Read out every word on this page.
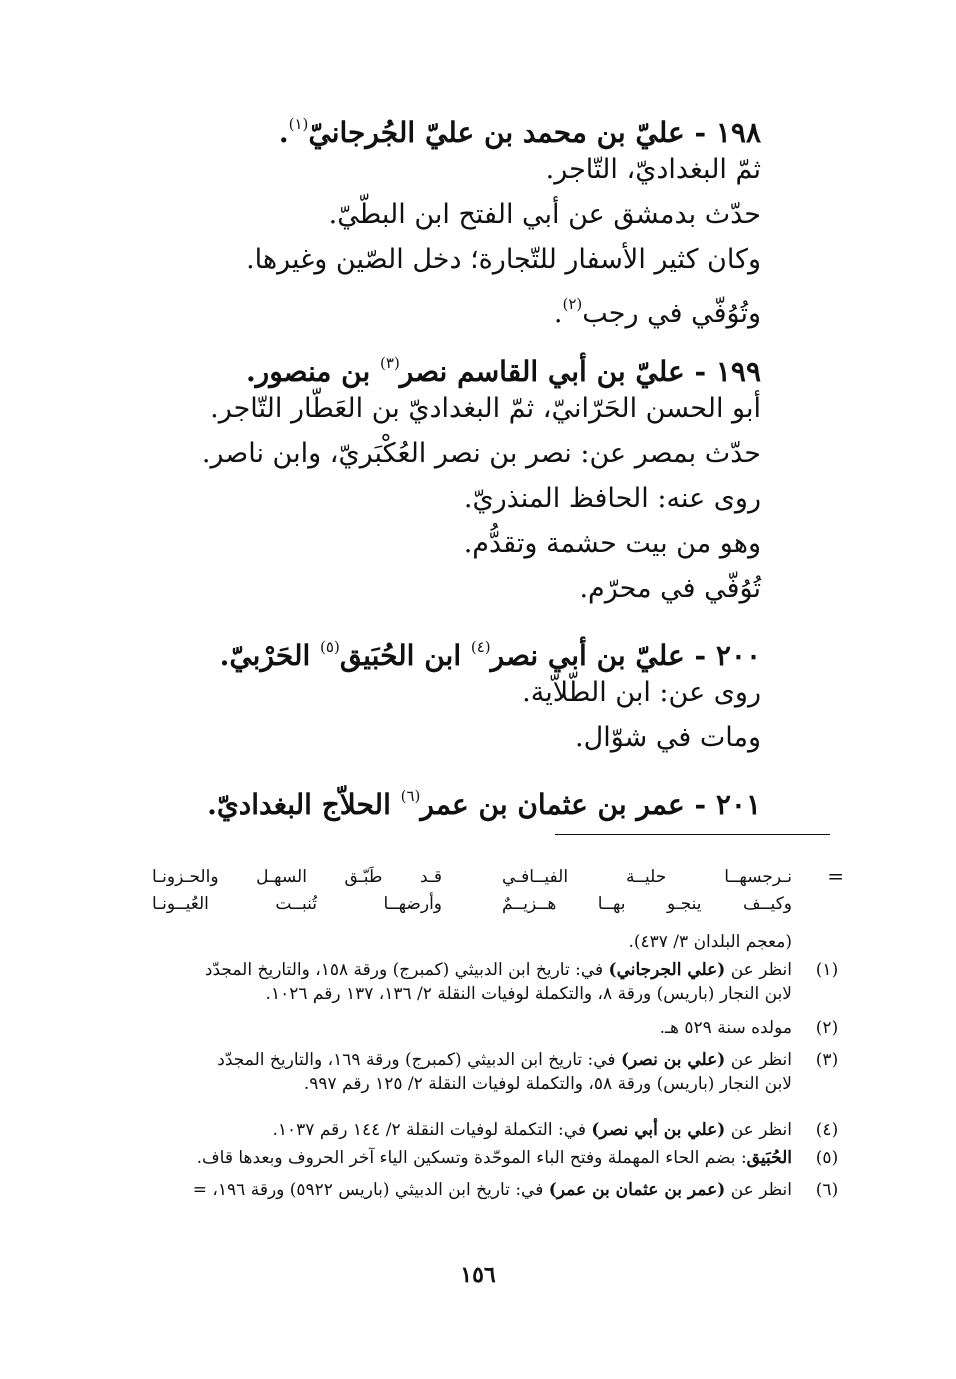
١٩٨ - عليّ بن محمد بن عليّ الجُرجانيّ$^{(١)}$.
ثمّ البغداديّ، التّاجر.
حدّث بدمشق عن أبي الفتح ابن البطّيّ.
وكان كثير الأسفار للتّجارة؛ دخل الصّين وغيرها.
وتُوُفّي في رجب$^{(٢)}$.
١٩٩ - عليّ بن أبي القاسم نصر$^{(٣)}$ بن منصور.
أبو الحسن الحَرّانيّ، ثمّ البغداديّ بن العَطّار التّاجر.
حدّث بمصر عن: نصر بن نصر العُكْبَريّ، وابن ناصر.
روى عنه: الحافظ المنذريّ.
وهو من بيت حشمة وتقدُّم.
تُوُفّي في محرّم.
٢٠٠ - عليّ بن أبي نصر$^{(٤)}$ ابن الحُبَيق$^{(٥)}$ الحَرْبيّ.
روى عن: ابن الطّلاّية.
ومات في شوّال.
٢٠١ - عمر بن عثمان بن عمر$^{(٦)}$ الحلاّج البغداديّ.
=
نـرجسهــا حليــة الفيــافـي
قـد طَبّـق السهـل والحـزونـا
وكيــف ينجـو بهــا هــزيــمٌ
وأرضهــا تُنبــت العُيــونـا
(معجم البلدان ٣/ ٤٣٧).
(١)
انظر عن (علي الجرجاني) في: تاريخ ابن الدبيثي (كمبرج) ورقة ١٥٨، والتاريخ المجدّد
لابن النجار (باريس) ورقة ٨، والتكملة لوفيات النقلة ٢/ ١٣٦، ١٣٧ رقم ١٠٢٦.
(٢)
مولده سنة ٥٢٩ هـ.
(٣)
انظر عن (علي بن نصر) في: تاريخ ابن الدبيثي (كمبرج) ورقة ١٦٩، والتاريخ المجدّد
لابن النجار (باريس) ورقة ٥٨، والتكملة لوفيات النقلة ٢/ ١٢٥ رقم ٩٩٧.
(٤)
انظر عن (علي بن أبي نصر) في: التكملة لوفيات النقلة ٢/ ١٤٤ رقم ١٠٣٧.
(٥)
الحُبَيق: بضم الحاء المهملة وفتح الباء الموحّدة وتسكين الياء آخر الحروف وبعدها قاف.
(٦)
انظر عن (عمر بن عثمان بن عمر) في: تاريخ ابن الدبيثي (باريس ٥٩٢٢) ورقة ١٩٦، =
١٥٦
